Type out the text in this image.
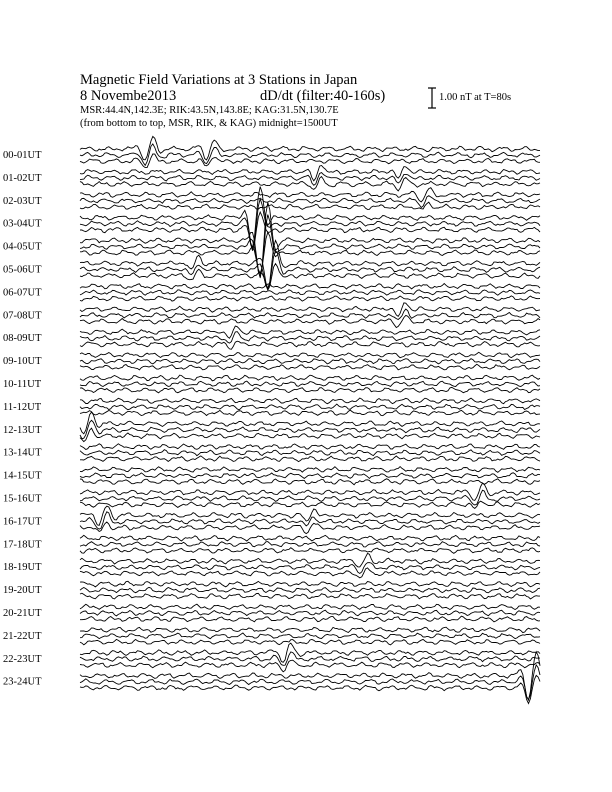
Magnetic Field Variations at 3 Stations in Japan
8 Novembe2013	dD/dt (filter:40-160s)
MSR:44.4N,142.3E; RIK:43.5N,143.8E; KAG:31.5N,130.7E
(from bottom to top, MSR, RIK, & KAG) midnight=1500UT
1.00 nT at T=80s
00-01UT
01-02UT
02-03UT
03-04UT
04-05UT
05-06UT
06-07UT
07-08UT
08-09UT
09-10UT
10-11UT
11-12UT
12-13UT
13-14UT
14-15UT
15-16UT
16-17UT
17-18UT
18-19UT
19-20UT
20-21UT
21-22UT
22-23UT
23-24UT
